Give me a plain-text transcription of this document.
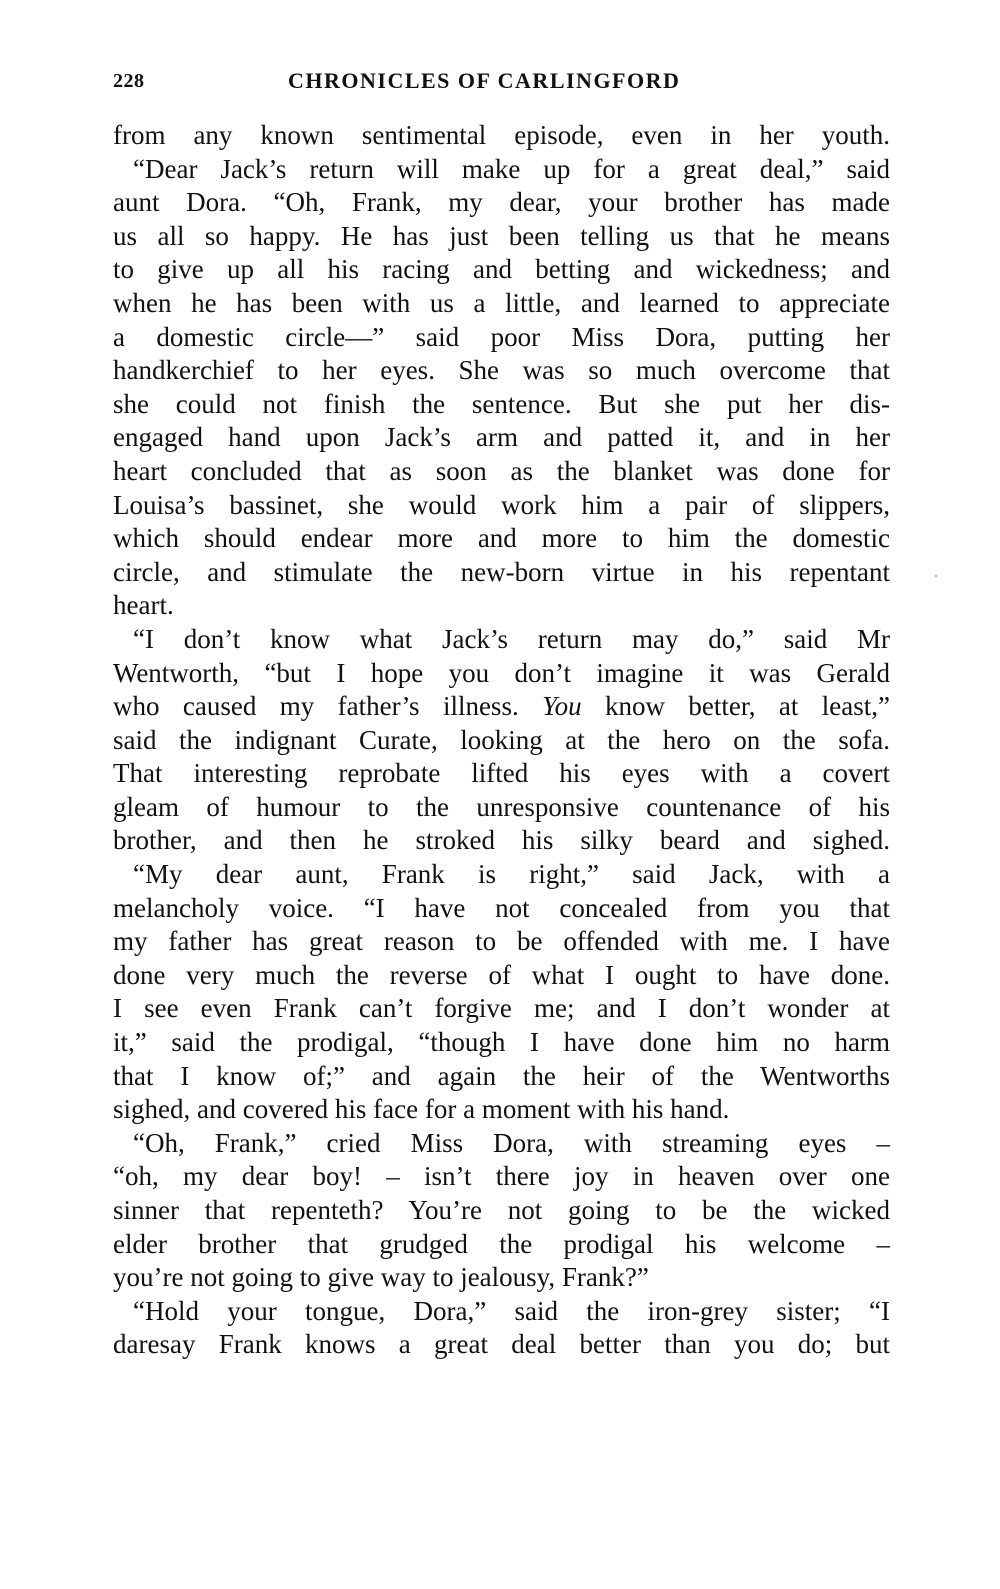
228	CHRONICLES OF CARLINGFORD
from any known sentimental episode, even in her youth.
“Dear Jack’s return will make up for a great deal,” said
aunt Dora. “Oh, Frank, my dear, your brother has made
us all so happy. He has just been telling us that he means
to give up all his racing and betting and wickedness; and
when he has been with us a little, and learned to appreciate
a domestic circle—” said poor Miss Dora, putting her
handkerchief to her eyes. She was so much overcome that
she could not finish the sentence. But she put her dis-
engaged hand upon Jack’s arm and patted it, and in her
heart concluded that as soon as the blanket was done for
Louisa’s bassinet, she would work him a pair of slippers,
which should endear more and more to him the domestic
circle, and stimulate the new-born virtue in his repentant
heart.
“I don’t know what Jack’s return may do,” said Mr
Wentworth, “but I hope you don’t imagine it was Gerald
who caused my father’s illness. You know better, at least,”
said the indignant Curate, looking at the hero on the sofa.
That interesting reprobate lifted his eyes with a covert
gleam of humour to the unresponsive countenance of his
brother, and then he stroked his silky beard and sighed.
“My dear aunt, Frank is right,” said Jack, with a
melancholy voice. “I have not concealed from you that
my father has great reason to be offended with me. I have
done very much the reverse of what I ought to have done.
I see even Frank can’t forgive me; and I don’t wonder at
it,” said the prodigal, “though I have done him no harm
that I know of;” and again the heir of the Wentworths
sighed, and covered his face for a moment with his hand.
“Oh, Frank,” cried Miss Dora, with streaming eyes –
“oh, my dear boy! – isn’t there joy in heaven over one
sinner that repenteth? You’re not going to be the wicked
elder brother that grudged the prodigal his welcome –
you’re not going to give way to jealousy, Frank?”
“Hold your tongue, Dora,” said the iron-grey sister; “I
daresay Frank knows a great deal better than you do; but
